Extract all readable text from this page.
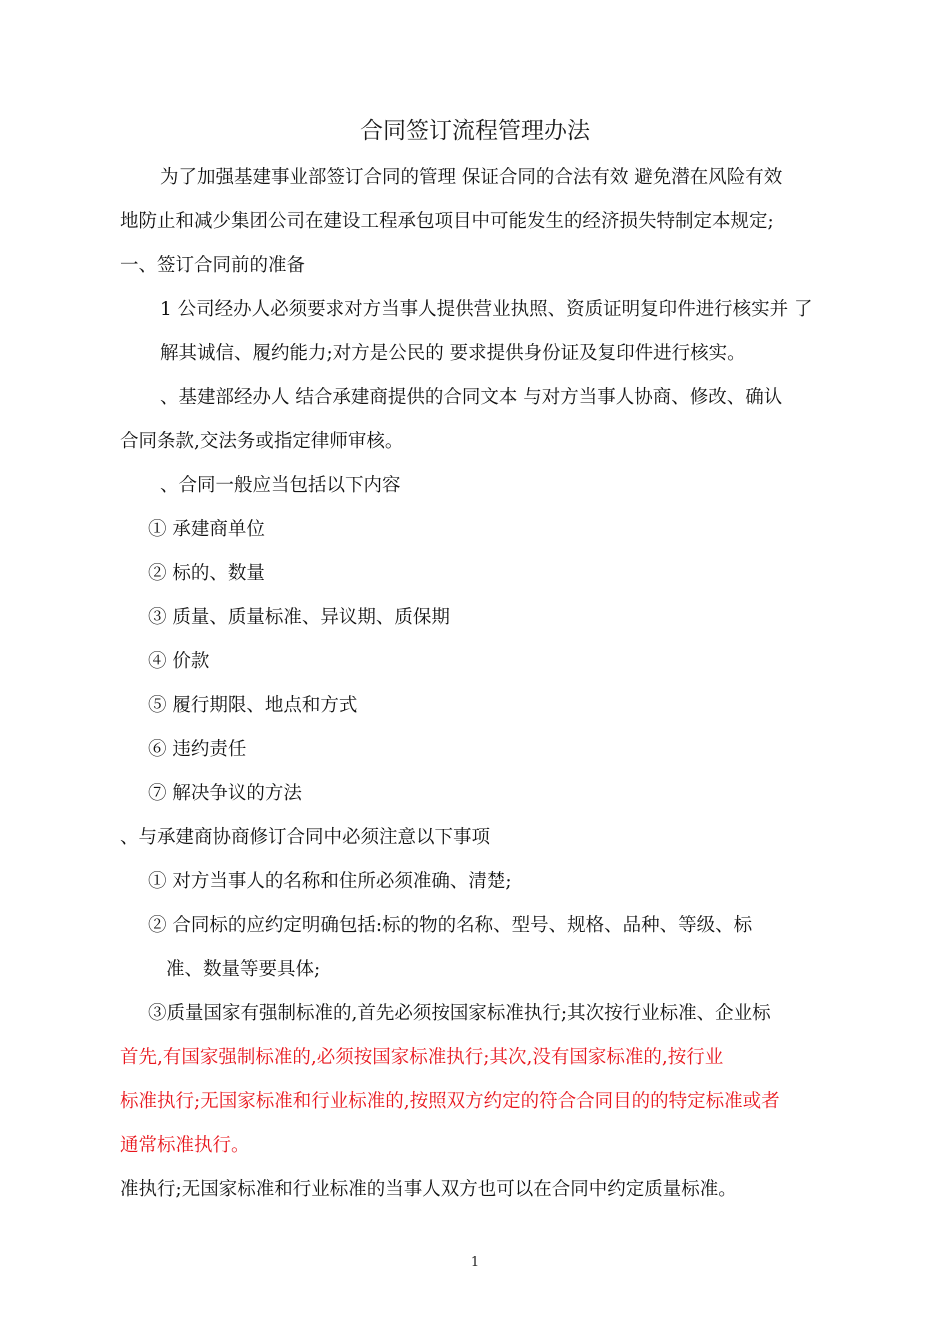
合同签订流程管理办法
为了加强基建事业部签订合同的管理 保证合同的合法有效 避免潜在风险有效
地防止和减少集团公司在建设工程承包项目中可能发生的经济损失特制定本规定;
一、签订合同前的准备
1 公司经办人必须要求对方当事人提供营业执照、资质证明复印件进行核实并 了
解其诚信、履约能力;对方是公民的 要求提供身份证及复印件进行核实。
、基建部经办人 结合承建商提供的合同文本 与对方当事人协商、修改、确认
合同条款,交法务或指定律师审核。
、合同一般应当包括以下内容
① 承建商单位
② 标的、数量
③ 质量、质量标准、异议期、质保期
④ 价款
⑤ 履行期限、地点和方式
⑥ 违约责任
⑦ 解决争议的方法
、与承建商协商修订合同中必须注意以下事项
① 对方当事人的名称和住所必须准确、清楚;
② 合同标的应约定明确包括:标的物的名称、型号、规格、品种、等级、标
准、数量等要具体;
③质量国家有强制标准的,首先必须按国家标准执行;其次按行业标准、企业标
首先,有国家强制标准的,必须按国家标准执行;其次,没有国家标准的,按行业
标准执行;无国家标准和行业标准的,按照双方约定的符合合同目的的特定标准或者
通常标准执行。
准执行;无国家标准和行业标准的当事人双方也可以在合同中约定质量标准。
1
